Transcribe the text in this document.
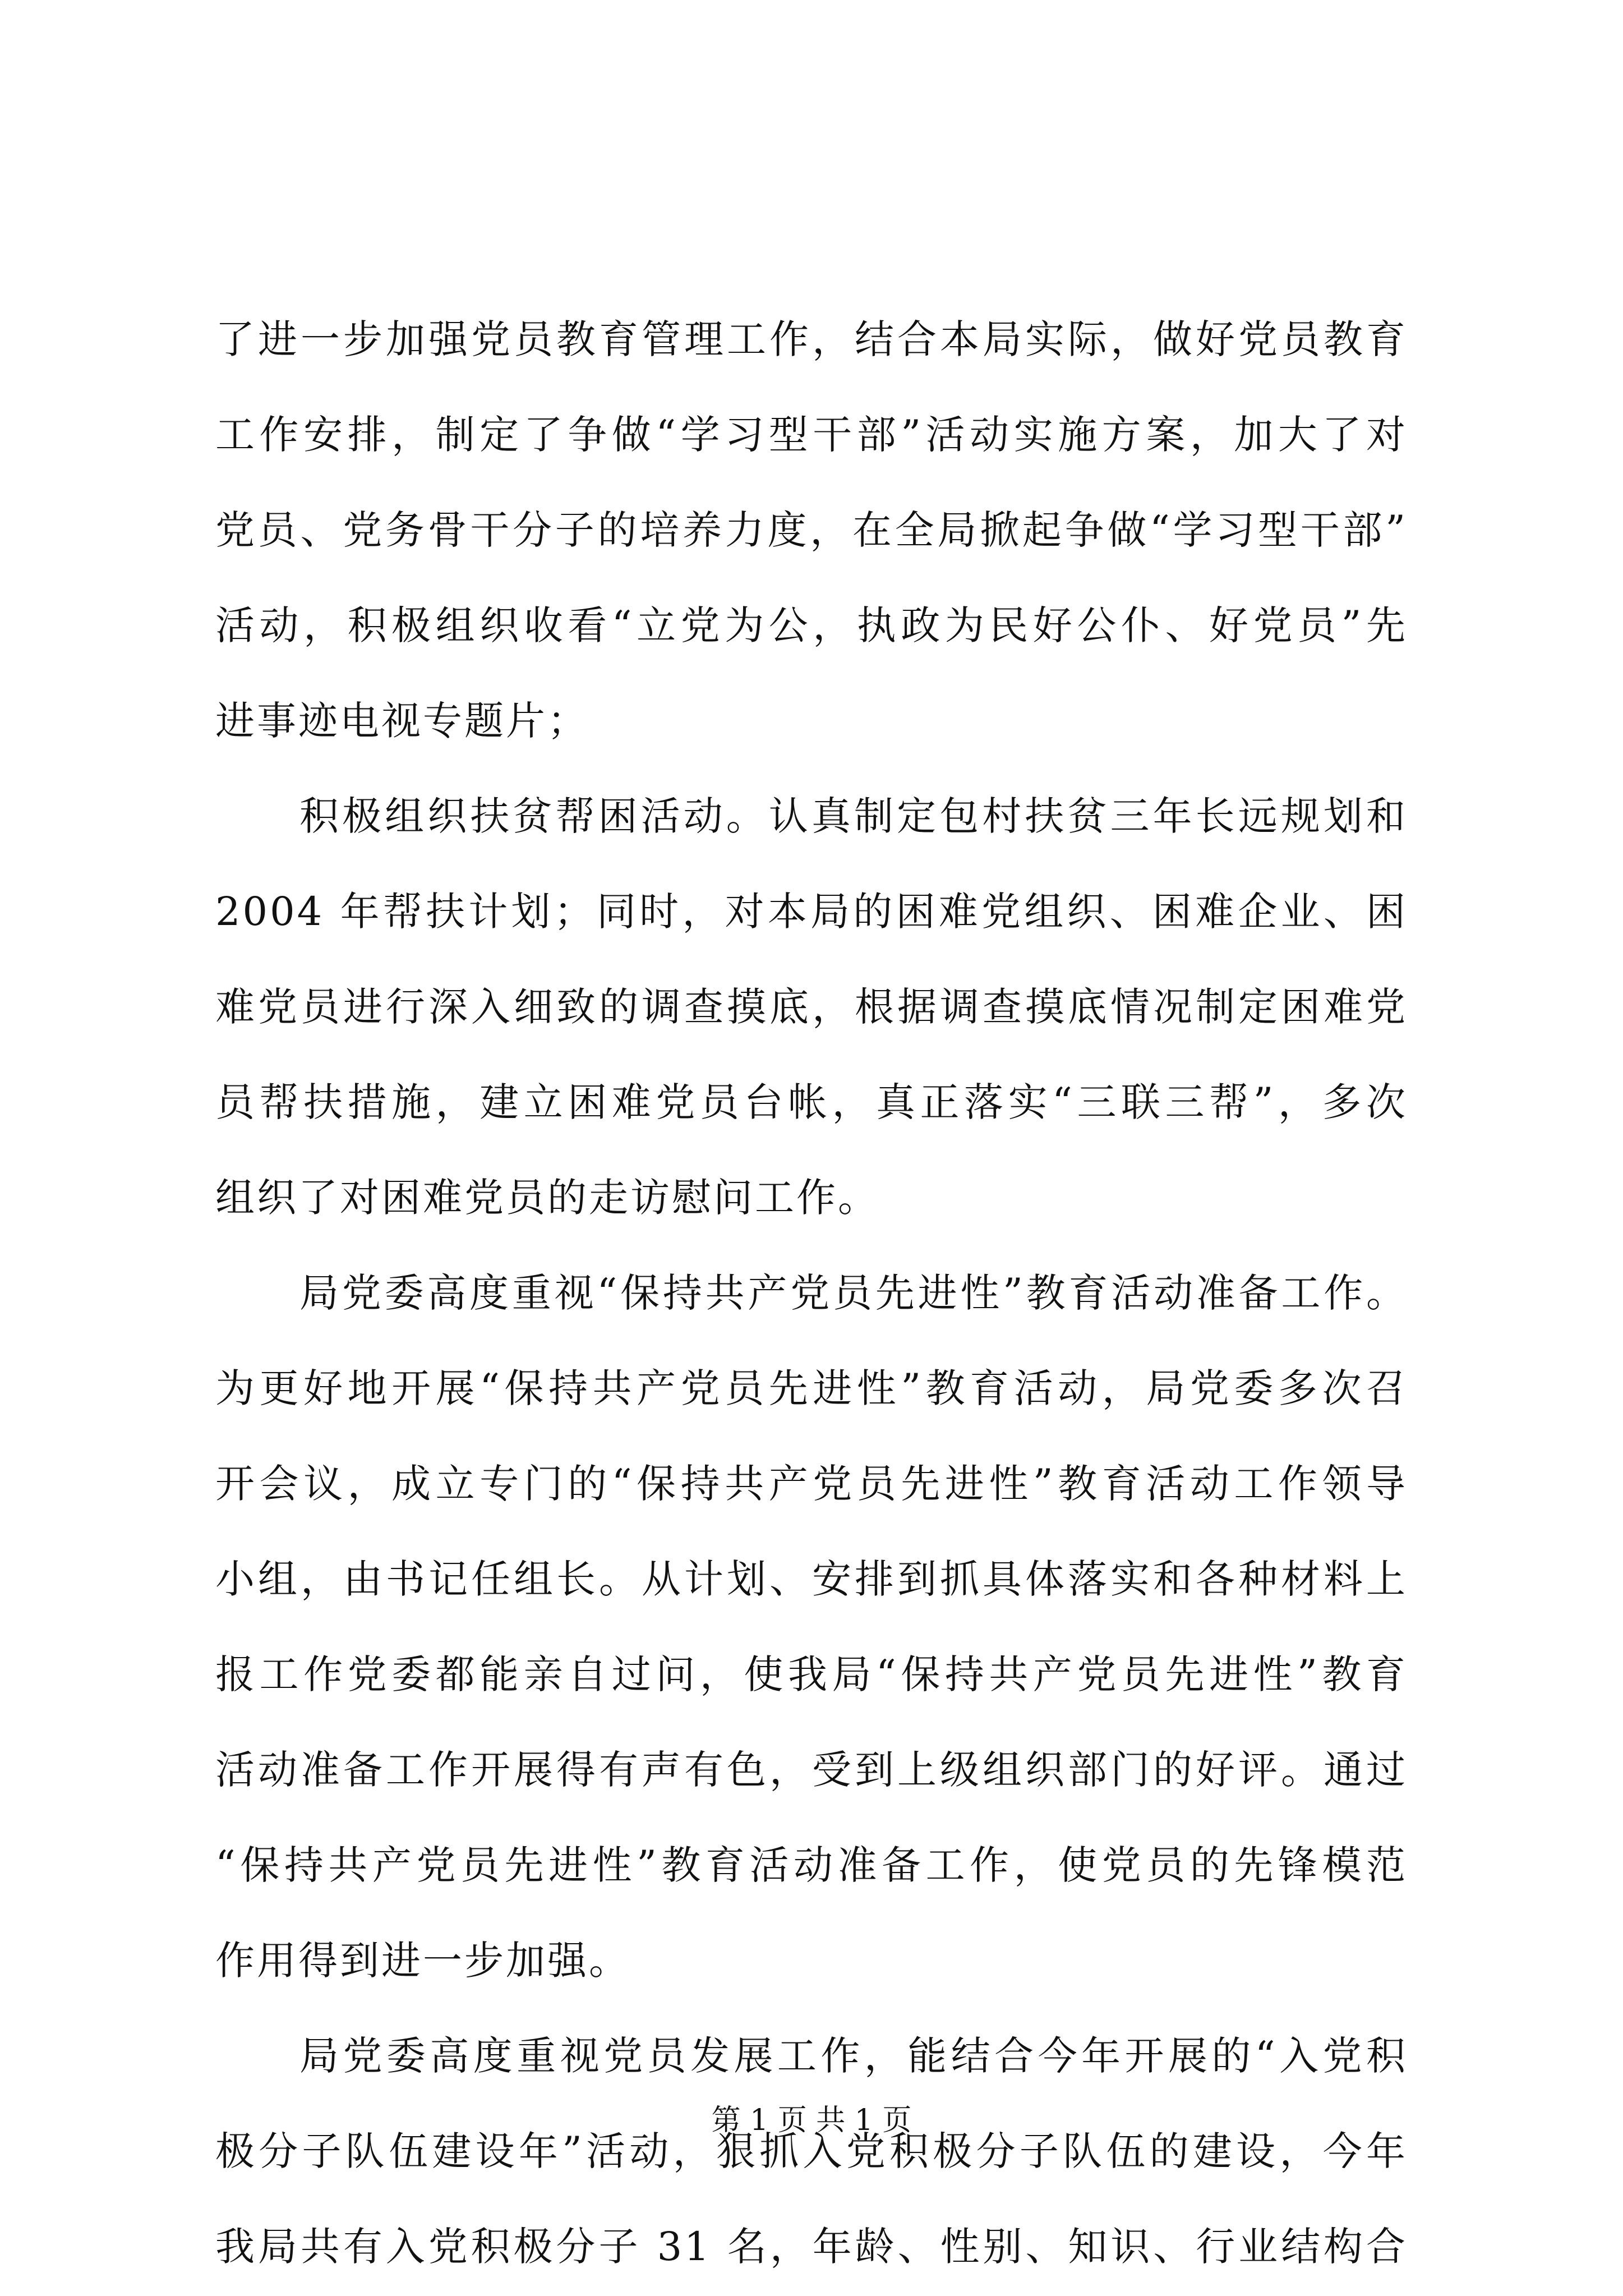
了进一步加强党员教育管理工作，结合本局实际，做好党员教育
工作安排，制定了争做“学习型干部”活动实施方案，加大了对
党员、党务骨干分子的培养力度，在全局掀起争做“学习型干部”
活动，积极组织收看“立党为公，执政为民好公仆、好党员”先
进事迹电视专题片；
积极组织扶贫帮困活动。认真制定包村扶贫三年长远规划和
2004 年帮扶计划；同时，对本局的困难党组织、困难企业、困
难党员进行深入细致的调查摸底，根据调查摸底情况制定困难党
员帮扶措施，建立困难党员台帐，真正落实“三联三帮”，多次
组织了对困难党员的走访慰问工作。
局党委高度重视“保持共产党员先进性”教育活动准备工作。
为更好地开展“保持共产党员先进性”教育活动，局党委多次召
开会议，成立专门的“保持共产党员先进性”教育活动工作领导
小组，由书记任组长。从计划、安排到抓具体落实和各种材料上
报工作党委都能亲自过问，使我局“保持共产党员先进性”教育
活动准备工作开展得有声有色，受到上级组织部门的好评。通过
“保持共产党员先进性”教育活动准备工作，使党员的先锋模范
作用得到进一步加强。
局党委高度重视党员发展工作，能结合今年开展的“入党积
极分子队伍建设年”活动，狠抓入党积极分子队伍的建设，今年
我局共有入党积极分子 31 名，年龄、性别、知识、行业结构合
第 1 页 共 1 页
